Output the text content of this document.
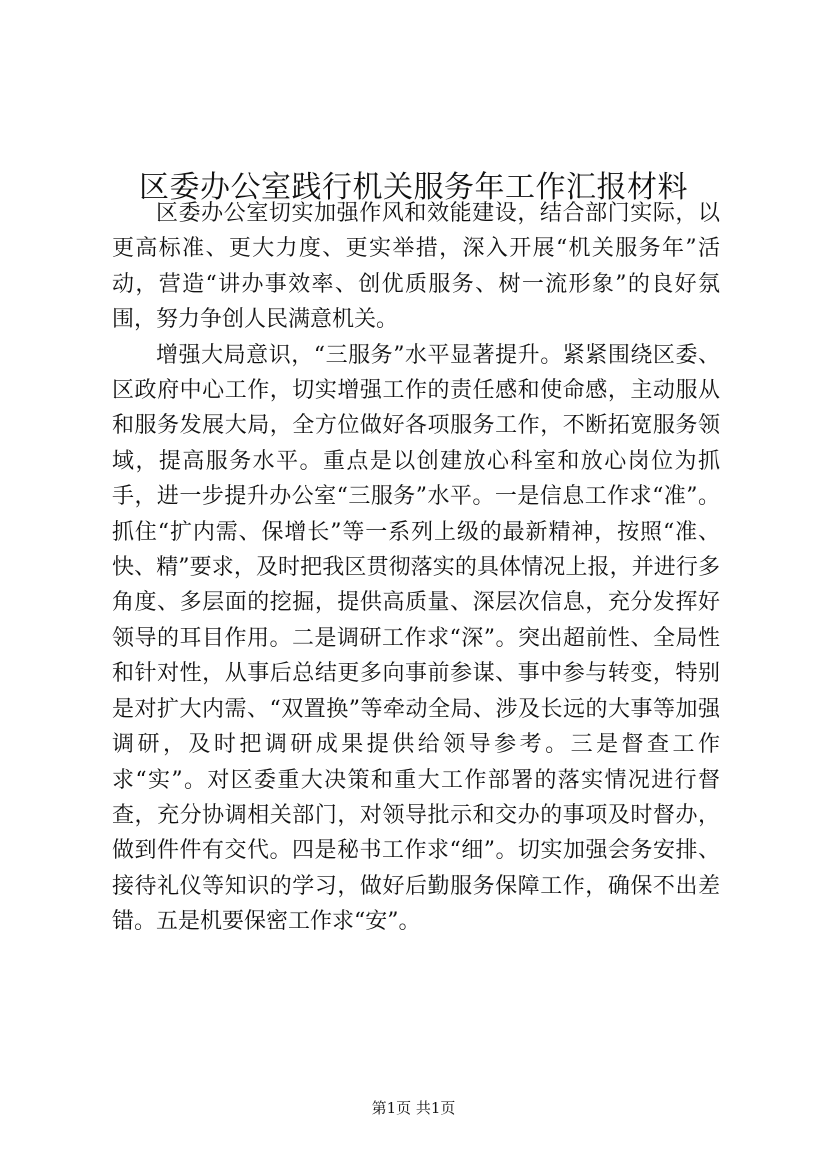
区委办公室践行机关服务年工作汇报材料

区委办公室切实加强作风和效能建设，结合部门实际，以更高标准、更大力度、更实举措，深入开展“机关服务年”活动，营造“讲办事效率、创优质服务、树一流形象”的良好氛围，努力争创人民满意机关。

增强大局意识，“三服务”水平显著提升。紧紧围绕区委、区政府中心工作，切实增强工作的责任感和使命感，主动服从和服务发展大局，全方位做好各项服务工作，不断拓宽服务领域，提高服务水平。重点是以创建放心科室和放心岗位为抓手，进一步提升办公室“三服务”水平。一是信息工作求“准”。抓住“扩内需、保增长”等一系列上级的最新精神，按照“准、快、精”要求，及时把我区贯彻落实的具体情况上报，并进行多角度、多层面的挖掘，提供高质量、深层次信息，充分发挥好领导的耳目作用。二是调研工作求“深”。突出超前性、全局性和针对性，从事后总结更多向事前参谋、事中参与转变，特别是对扩大内需、“双置换”等牵动全局、涉及长远的大事等加强调研，及时把调研成果提供给领导参考。三是督查工作求“实”。对区委重大决策和重大工作部署的落实情况进行督查，充分协调相关部门，对领导批示和交办的事项及时督办，做到件件有交代。四是秘书工作求“细”。切实加强会务安排、接待礼仪等知识的学习，做好后勤服务保障工作，确保不出差错。五是机要保密工作求“安”。

第1页 共1页
